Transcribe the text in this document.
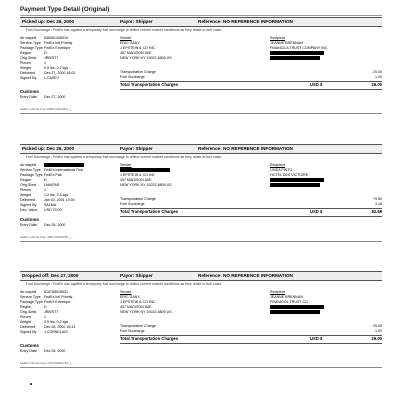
Payment Type Detail (Original)
Picked up: Dec 26, 2000	Payor: Shipper	Reference: NO REFERENCE INFORMATION
Fuel Surcharge - FedEx has applied a temporary fuel surcharge to reflect current market conditions as they relate to fuel costs.
Air waybill	838081408915
Service Type FedEx Intl Priority
Package Type FedEx Envelope
Region	D
Orig./Dest.	JRB/STT
Pieces	1
Weight	0.5 lbs, 0.2 kgs
Delivered	Dec 27, 2000 16:02
Signed By	L.CASEY
Sender
ERIC GANY
J EPSTEIN & CO INC
457 MADISON AVE
NEW YORK NY 10022-6809 US
Recipient
JEANNE BRENNAN
FINANCILA TRUST COMPANY INC
Transportation Charge	25.00
Fuel Surcharge	1.00
Total Transportation Charges	USD $	26.00
Customs
Entry Date Dec 27, 2000
FedEx internal Use: 8080110010/F1_/_
Picked up: Dec 26, 2000	Payor: Shipper	Reference: NO REFERENCE INFORMATION
Fuel Surcharge - FedEx has applied a temporary fuel surcharge to reflect current market conditions as they relate to fuel costs.
Air waybill
Service Type FedEx International First
Package Type FedEx Pak
Region	D
Orig./Dest.	LMA/FAR
Pieces	1
Weight	1.0 lbs, 0.5 kgs
Delivered	Jan 02, 2001 10:00
Signed By	SALMA
Dec. Value	USD 75.00
Sender
J EPSTEIN & CO INC
457 MADISON AVE
NEW YORK NY 10022-6809 US
Recipient
LINDA PINTO
HOTEL DES VICTOIRE
Transportation Charge	79.50
Fuel Surcharge	3.18
Total Transportation Charges	USD $	82.68
Customs
Entry Date Dec 26, 2000
FedEx internal Use: 4807410200/F5_/_
Dropped off: Dec 27, 2000	Payor: Shipper	Reference: NO REFERENCE INFORMATION
Fuel Surcharge - FedEx has applied a temporary fuel surcharge to reflect current market conditions as they relate to fuel costs.
Air waybill	818788528631
Service Type FedEx Intl Priority
Package Type FedEx Envelope
Region	D
Orig./Dest.	JRB/STT
Pieces	1
Weight	0.5 lbs, 0.2 kgs
Delivered	Dec 28, 2000 16:31
Signed By	J.CORNELIUS
Sender
ERIC GANY
J EPSTEIN & CO INC
457 MADISON AVE
NEW YORK NY 10022-6809 US
Recipient
JEANNE BRENNAN
FINEMOOL TRUST CO
Transportation Charge	25.00
Fuel Surcharge	1.00
Total Transportation Charges	USD $	26.00
Customs
Entry Date Dec 28, 2000
FedEx internal Use: 2227610201/F2_/_
